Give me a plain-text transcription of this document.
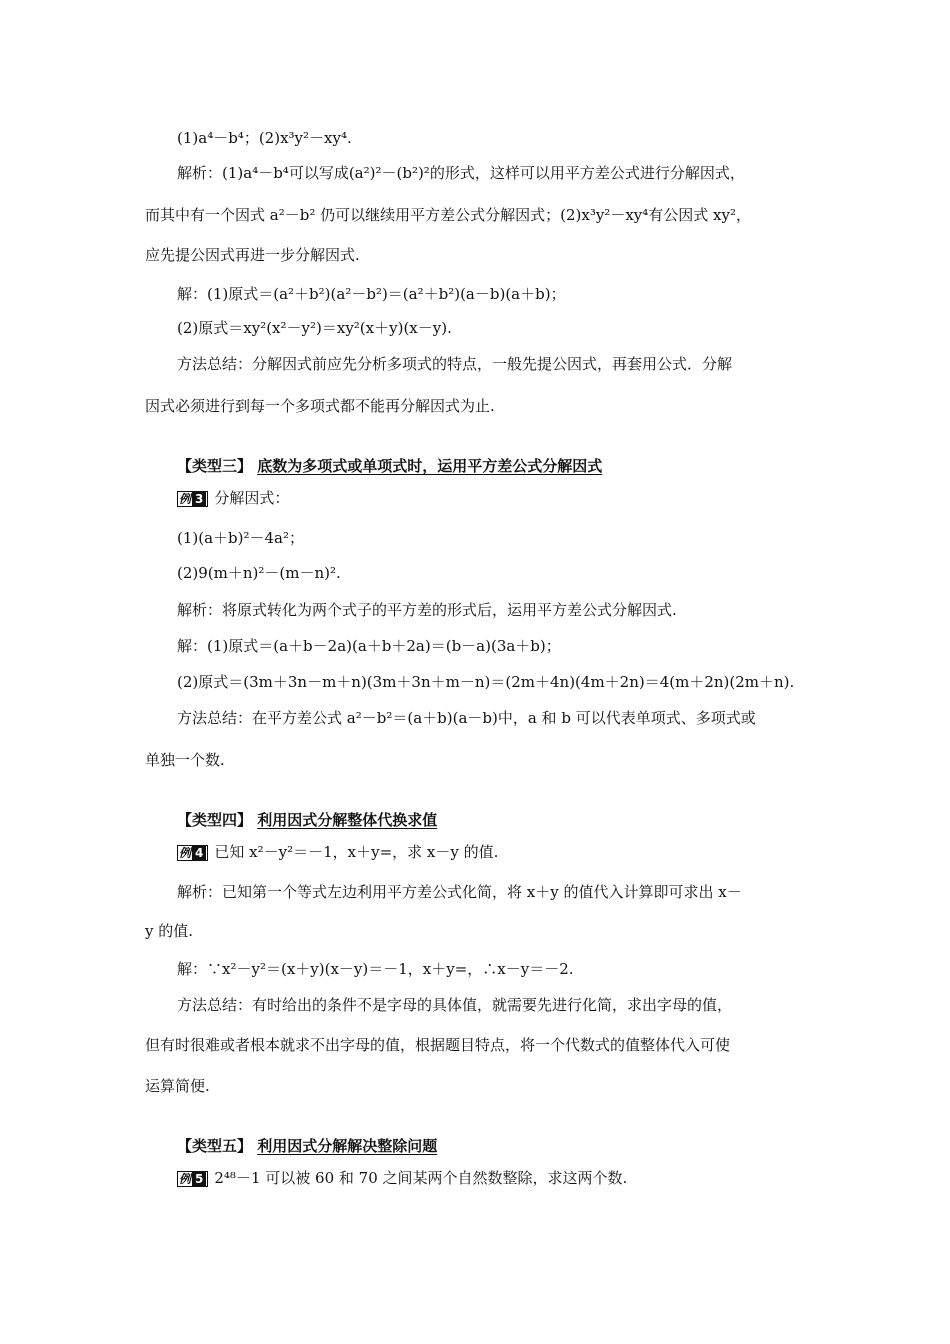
(1)a⁴－b⁴；(2)x³y²－xy⁴.
解析：(1)a⁴－b⁴可以写成(a²)²－(b²)²的形式，这样可以用平方差公式进行分解因式，
而其中有一个因式 a²－b² 仍可以继续用平方差公式分解因式；(2)x³y²－xy⁴有公因式 xy²，
应先提公因式再进一步分解因式.
解：(1)原式＝(a²＋b²)(a²－b²)＝(a²＋b²)(a－b)(a＋b)；
(2)原式＝xy²(x²－y²)＝xy²(x＋y)(x－y).
方法总结：分解因式前应先分析多项式的特点，一般先提公因式，再套用公式．分解
因式必须进行到每一个多项式都不能再分解因式为止.
【类型三】 底数为多项式或单项式时，运用平方差公式分解因式
例 3 分解因式：
(1)(a＋b)²－4a²；
(2)9(m＋n)²－(m－n)².
解析：将原式转化为两个式子的平方差的形式后，运用平方差公式分解因式.
解：(1)原式＝(a＋b－2a)(a＋b＋2a)＝(b－a)(3a＋b)；
(2)原式＝(3m＋3n－m＋n)(3m＋3n＋m－n)＝(2m＋4n)(4m＋2n)＝4(m＋2n)(2m＋n).
方法总结：在平方差公式 a²－b²＝(a＋b)(a－b)中，a 和 b 可以代表单项式、多项式或
单独一个数.
【类型四】 利用因式分解整体代换求值
例 4 已知 x²－y²＝－1，x＋y=，求 x－y 的值.
解析：已知第一个等式左边利用平方差公式化简，将 x＋y 的值代入计算即可求出 x－
y 的值.
解：∵x²－y²＝(x＋y)(x－y)＝－1，x＋y=，∴x－y＝－2.
方法总结：有时给出的条件不是字母的具体值，就需要先进行化简，求出字母的值，
但有时很难或者根本就求不出字母的值，根据题目特点，将一个代数式的值整体代入可使
运算简便.
【类型五】 利用因式分解解决整除问题
例 5 2⁴⁸－1 可以被 60 和 70 之间某两个自然数整除，求这两个数.
